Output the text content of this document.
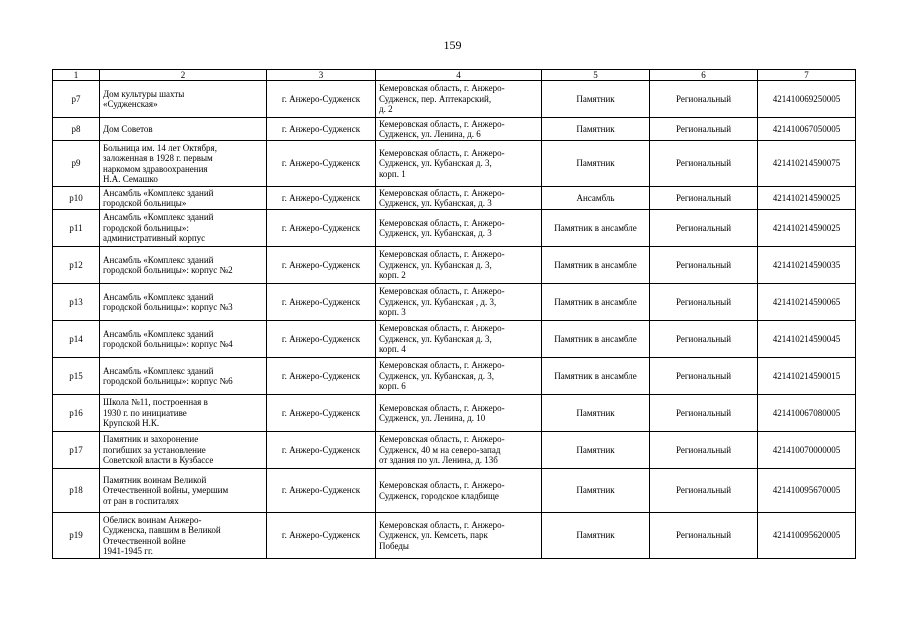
159
1	2	3	4	5	6	7
p7	Дом культуры шахты
«Судженская»	г. Анжеро-Судженск	Кемеровская область, г. Анжеро-
Судженск, пер. Аптекарский,
д. 2	Памятник	Региональный	421410069250005
p8	Дом Советов	г. Анжеро-Судженск	Кемеровская область, г. Анжеро-
Судженск, ул. Ленина, д. 6	Памятник	Региональный	421410067050005
p9	Больница им. 14 лет Октября,
заложенная в 1928 г. первым
наркомом здравоохранения
Н.А. Семашко	г. Анжеро-Судженск	Кемеровская область, г. Анжеро-
Судженск, ул. Кубанская д. 3,
корп. 1	Памятник	Региональный	421410214590075
p10	Ансамбль «Комплекс зданий
городской больницы»	г. Анжеро-Судженск	Кемеровская область, г. Анжеро-
Судженск, ул. Кубанская, д. 3	Ансамбль	Региональный	421410214590025
p11	Ансамбль «Комплекс зданий
городской больницы»:
административный корпус	г. Анжеро-Судженск	Кемеровская область, г. Анжеро-
Судженск, ул. Кубанская, д. 3	Памятник в ансамбле	Региональный	421410214590025
p12	Ансамбль «Комплекс зданий
городской больницы»: корпус №2	г. Анжеро-Судженск	Кемеровская область, г. Анжеро-
Судженск, ул. Кубанская д. 3,
корп. 2	Памятник в ансамбле	Региональный	421410214590035
p13	Ансамбль «Комплекс зданий
городской больницы»: корпус №3	г. Анжеро-Судженск	Кемеровская область, г. Анжеро-
Судженск, ул. Кубанская , д. 3,
корп. 3	Памятник в ансамбле	Региональный	421410214590065
p14	Ансамбль «Комплекс зданий
городской больницы»: корпус №4	г. Анжеро-Судженск	Кемеровская область, г. Анжеро-
Судженск, ул. Кубанская д. 3,
корп. 4	Памятник в ансамбле	Региональный	421410214590045
p15	Ансамбль «Комплекс зданий
городской больницы»: корпус №6	г. Анжеро-Судженск	Кемеровская область, г. Анжеро-
Судженск, ул. Кубанская, д. 3,
корп. 6	Памятник в ансамбле	Региональный	421410214590015
p16	Школа №11, построенная в
1930 г. по инициативе
Крупской Н.К.	г. Анжеро-Судженск	Кемеровская область, г. Анжеро-
Судженск, ул. Ленина, д. 10	Памятник	Региональный	421410067080005
p17	Памятник и захоронение
погибших за установление
Советской власти в Кузбассе	г. Анжеро-Судженск	Кемеровская область, г. Анжеро-
Судженск, 40 м на северо-запад
от здания по ул. Ленина, д. 13б	Памятник	Региональный	421410070000005
p18	Памятник воинам Великой
Отечественной войны, умершим
от ран в госпиталях	г. Анжеро-Судженск	Кемеровская область, г. Анжеро-
Судженск, городское кладбище	Памятник	Региональный	421410095670005
p19	Обелиск воинам Анжеро-
Судженска, павшим в Великой
Отечественной войне
1941-1945 гг.	г. Анжеро-Судженск	Кемеровская область, г. Анжеро-
Судженск, ул. Кемсеть, парк
Победы	Памятник	Региональный	421410095620005
